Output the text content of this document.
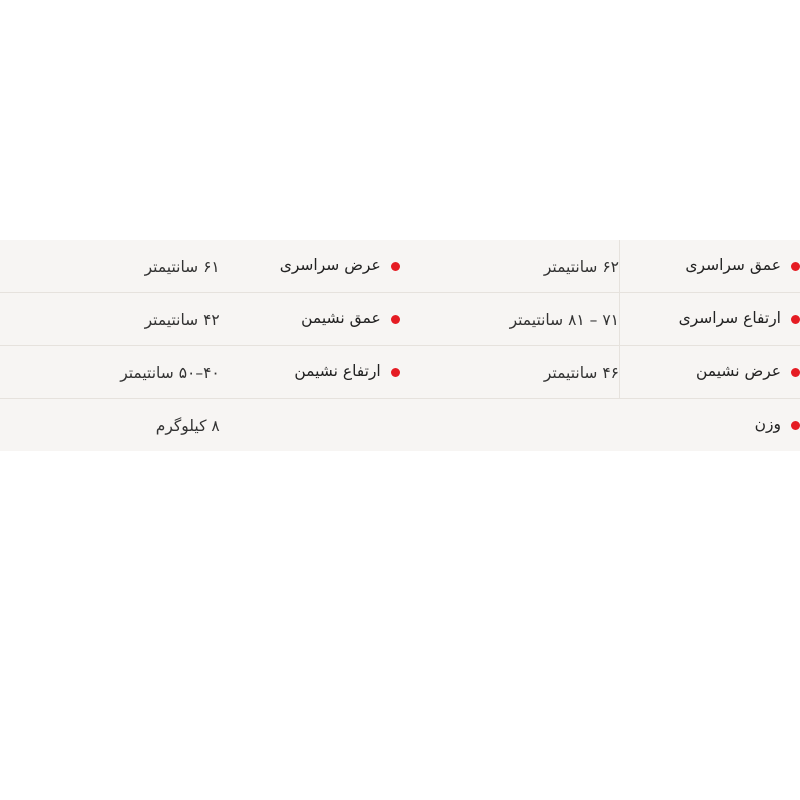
عمق سراسری	۶۲ سانتیمتر	عرض سراسری	۶۱ سانتیمتر

ارتفاع سراسری	۷۱ – ۸۱ سانتیمتر	عمق نشیمن	۴۲ سانتیمتر

عرض نشیمن	۴۶ سانتیمتر	ارتفاع نشیمن	۴۰–۵۰ سانتیمتر

وزن			۸ کیلوگرم
